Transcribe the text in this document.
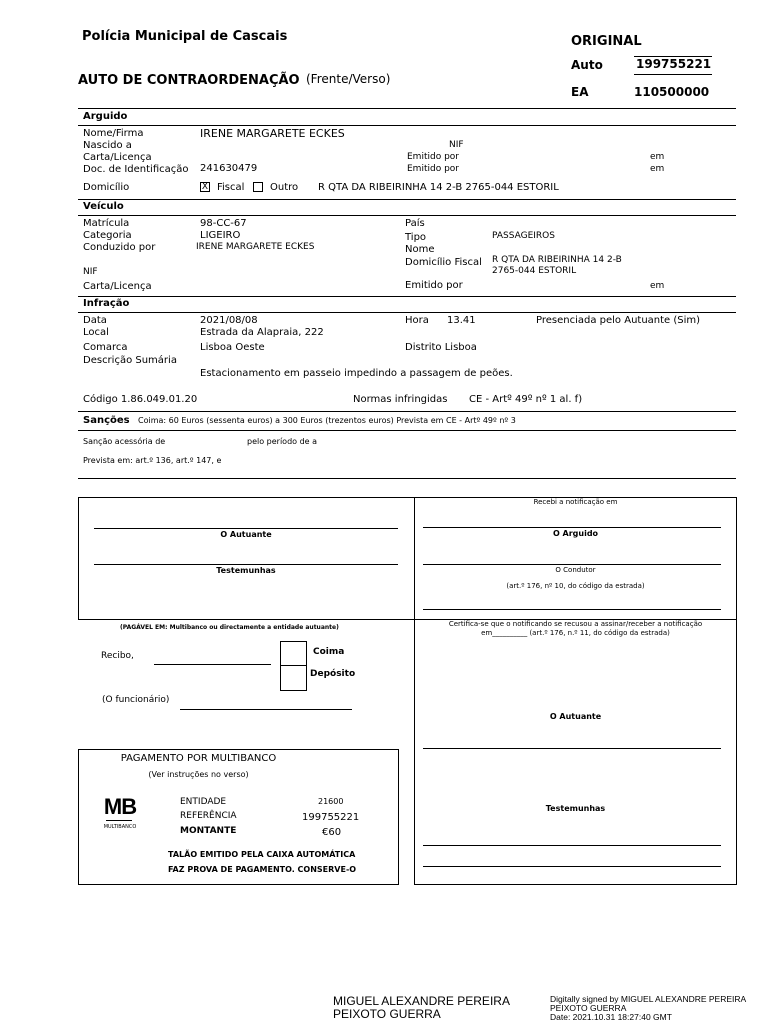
Polícia Municipal de Cascais	ORIGINAL
Auto	199755221
AUTO DE CONTRAORDENAÇÃO (Frente/Verso)
EA	110500000
Arguido
Nome/Firma	IRENE MARGARETE ECKES
Nascido a	NIF
Carta/Licença	Emitido por	em
Doc. de Identificação 241630479	Emitido por	em
Domicílio	X Fiscal	Outro R QTA DA RIBEIRINHA 14 2-B 2765-044 ESTORIL
Veículo
Matrícula	98-CC-67	País
Categoria	LIGEIRO	Tipo	PASSAGEIROS
Conduzido por	IRENE MARGARETE ECKES	Nome
Domicílio Fiscal R QTA DA RIBEIRINHA 14 2-B
2765-044 ESTORIL
NIF
Carta/Licença	Emitido por	em
Infração
Data	2021/08/08	Hora 13.41	Presenciada pelo Autuante (Sim)
Local	Estrada da Alapraia, 222
Comarca	Lisboa Oeste	Distrito Lisboa
Descrição Sumária
Estacionamento em passeio impedindo a passagem de peões.
Código 1.86.049.01.20	Normas infringidas CE - Artº 49º nº 1 al. f)
Sanções Coima: 60 Euros (sessenta euros) a 300 Euros (trezentos euros) Prevista em CE - Artº 49º nº 3
Sanção acessória de	pelo período de a
Prevista em: art.º 136, art.º 147, e
O Autuante
Testemunhas
Recebi a notificação em
O Arguido
O Condutor
(art.º 176, nº 10, do código da estrada)
Certifica-se que o notificando se recusou a assinar/receber a notificação
em__________ (art.º 176, n.º 11, do código da estrada)
O Autuante
Testemunhas
(PAGÁVEL EM: Multibanco ou directamente a entidade autuante)
Recibo,	Coima
Depósito
(O funcionário)
PAGAMENTO POR MULTIBANCO
(Ver instruções no verso)
MB
MULTIBANCO
ENTIDADE	21600
REFERÊNCIA	199755221
MONTANTE	€60
TALÃO EMITIDO PELA CAIXA AUTOMÁTICA
FAZ PROVA DE PAGAMENTO. CONSERVE-O
MIGUEL ALEXANDRE PEREIRA
PEIXOTO GUERRA
Digitally signed by MIGUEL ALEXANDRE PEREIRA
PEIXOTO GUERRA
Date: 2021.10.31 18:27:40 GMT
